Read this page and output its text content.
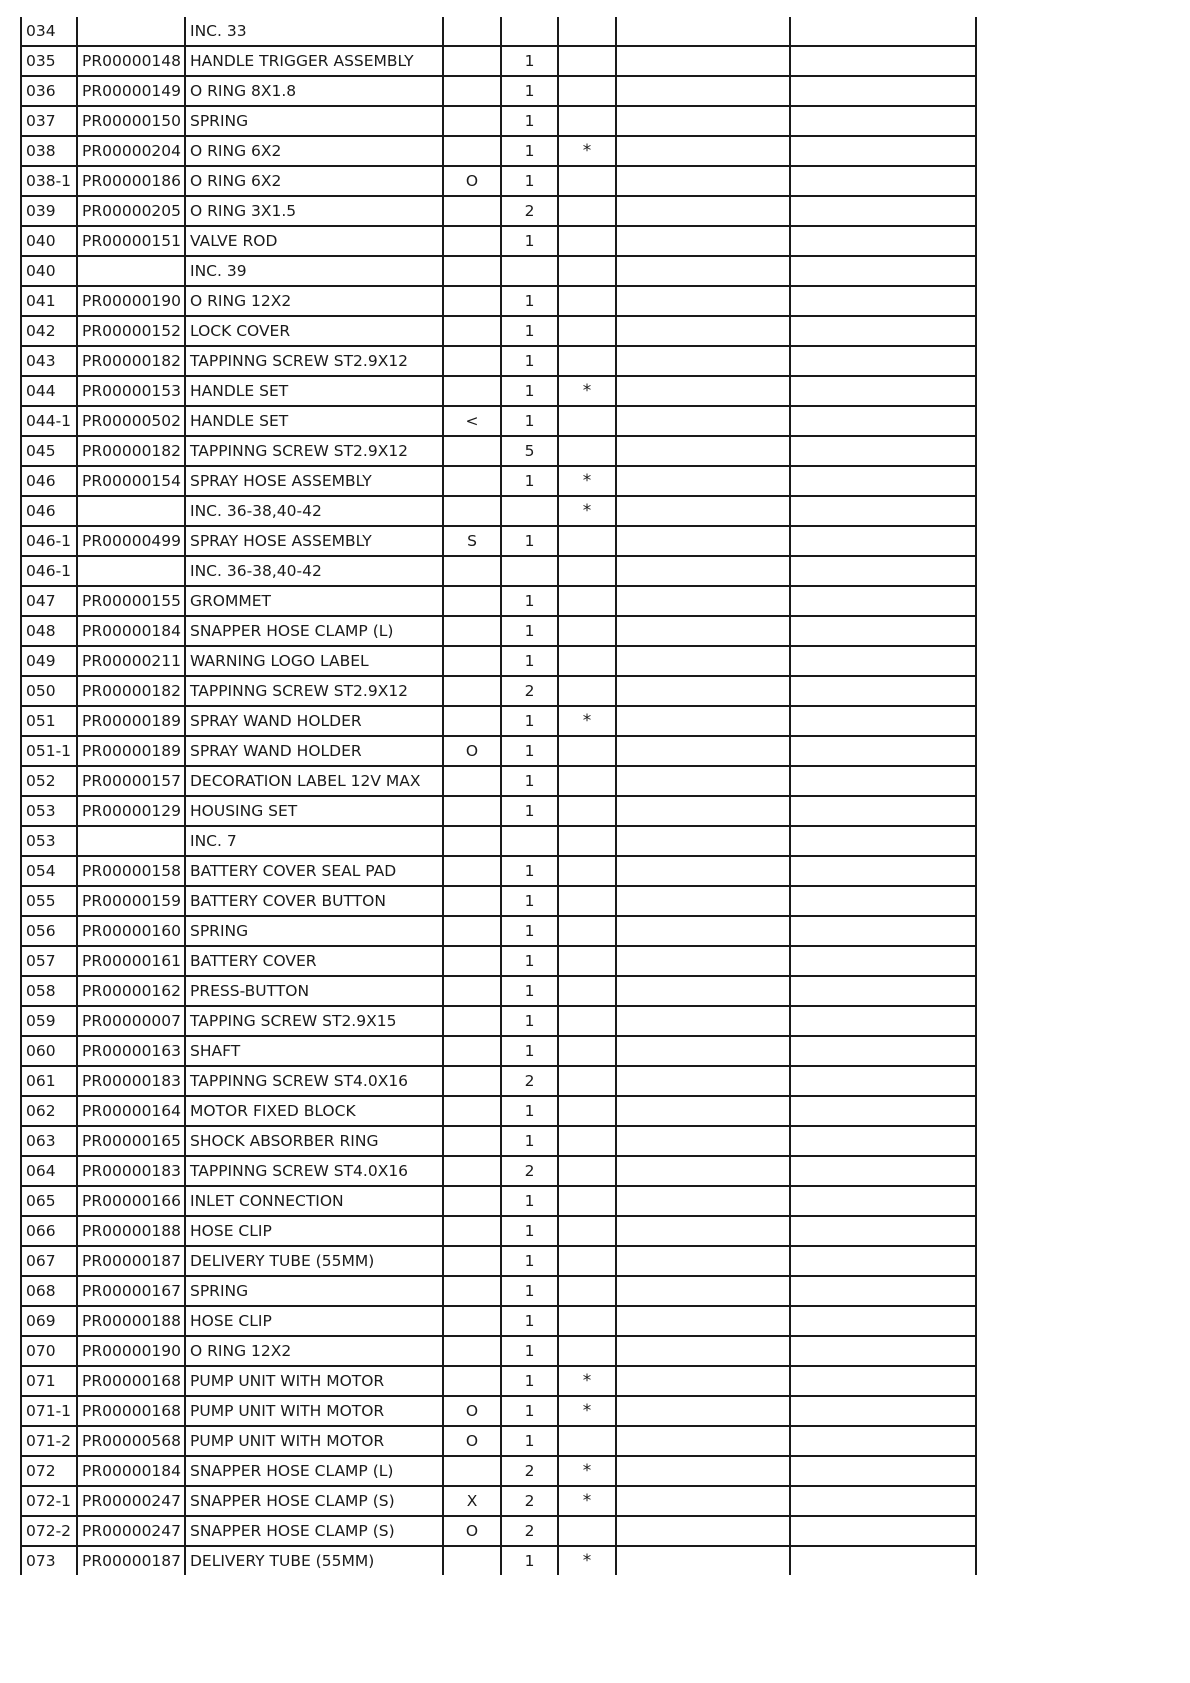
034		INC. 33					
035	PR00000148	HANDLE TRIGGER ASSEMBLY		1			
036	PR00000149	O RING 8X1.8		1			
037	PR00000150	SPRING		1			
038	PR00000204	O RING 6X2		1	*		
038-1	PR00000186	O RING 6X2	O	1			
039	PR00000205	O RING 3X1.5		2			
040	PR00000151	VALVE ROD		1			
040		INC. 39					
041	PR00000190	O RING 12X2		1			
042	PR00000152	LOCK COVER		1			
043	PR00000182	TAPPINNG SCREW ST2.9X12		1			
044	PR00000153	HANDLE SET		1	*		
044-1	PR00000502	HANDLE SET	<	1			
045	PR00000182	TAPPINNG SCREW ST2.9X12		5			
046	PR00000154	SPRAY HOSE ASSEMBLY		1	*		
046		INC. 36-38,40-42			*		
046-1	PR00000499	SPRAY HOSE ASSEMBLY	S	1			
046-1		INC. 36-38,40-42					
047	PR00000155	GROMMET		1			
048	PR00000184	SNAPPER HOSE CLAMP (L)		1			
049	PR00000211	WARNING LOGO LABEL		1			
050	PR00000182	TAPPINNG SCREW ST2.9X12		2			
051	PR00000189	SPRAY WAND HOLDER		1	*		
051-1	PR00000189	SPRAY WAND HOLDER	O	1			
052	PR00000157	DECORATION LABEL 12V MAX		1			
053	PR00000129	HOUSING SET		1			
053		INC. 7					
054	PR00000158	BATTERY COVER SEAL PAD		1			
055	PR00000159	BATTERY COVER BUTTON		1			
056	PR00000160	SPRING		1			
057	PR00000161	BATTERY COVER		1			
058	PR00000162	PRESS-BUTTON		1			
059	PR00000007	TAPPING SCREW ST2.9X15		1			
060	PR00000163	SHAFT		1			
061	PR00000183	TAPPINNG SCREW ST4.0X16		2			
062	PR00000164	MOTOR FIXED BLOCK		1			
063	PR00000165	SHOCK ABSORBER RING		1			
064	PR00000183	TAPPINNG SCREW ST4.0X16		2			
065	PR00000166	INLET CONNECTION		1			
066	PR00000188	HOSE CLIP		1			
067	PR00000187	DELIVERY TUBE (55MM)		1			
068	PR00000167	SPRING		1			
069	PR00000188	HOSE CLIP		1			
070	PR00000190	O RING 12X2		1			
071	PR00000168	PUMP UNIT WITH MOTOR		1	*		
071-1	PR00000168	PUMP UNIT WITH MOTOR	O	1	*		
071-2	PR00000568	PUMP UNIT WITH MOTOR	O	1			
072	PR00000184	SNAPPER HOSE CLAMP (L)		2	*		
072-1	PR00000247	SNAPPER HOSE CLAMP (S)	X	2	*		
072-2	PR00000247	SNAPPER HOSE CLAMP (S)	O	2			
073	PR00000187	DELIVERY TUBE (55MM)		1	*		
